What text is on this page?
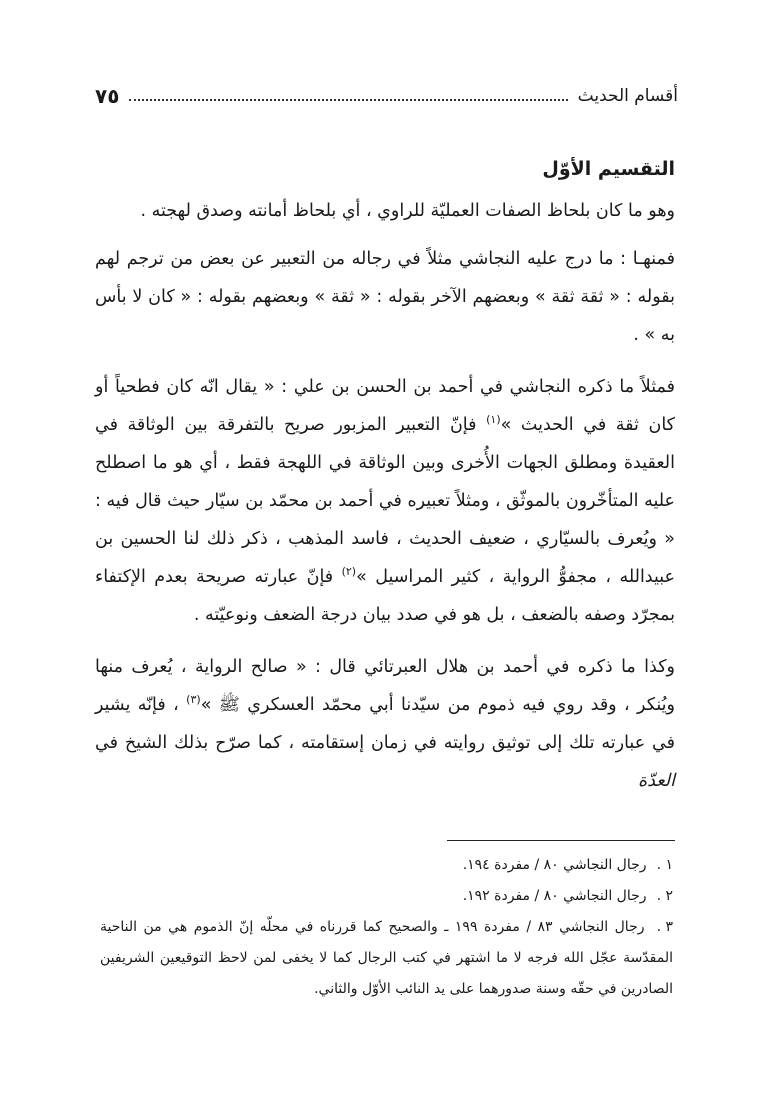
أقسام الحديث
٧٥
التقسيم الأوّل

وهو ما كان بلحاظ الصفات العمليّة للراوي ، أي بلحاظ أمانته وصدق لهجته .

فمنهـا : ما درج عليه النجاشي مثلاً في رجاله من التعبير عن بعض من ترجم لهم بقوله : « ثقة ثقة » وبعضهم الآخر بقوله : « ثقة » وبعضهم بقوله : « كان لا بأس به » .

فمثلاً ما ذكره النجاشي في أحمد بن الحسن بن علي : « يقال انّه كان فطحياً أو كان ثقة في الحديث »$^{(١)}$ فإنّ التعبير المزبور صريح بالتفرقة بين الوثاقة في العقيدة ومطلق الجهات الأُخرى وبين الوثاقة في اللهجة فقط ، أي هو ما اصطلح عليه المتأخّرون بالموثّق ، ومثلاً تعبيره في أحمد بن محمّد بن سيّار حيث قال فيه : « ويُعرف بالسيّاري ، ضعيف الحديث ، فاسد المذهب ، ذكر ذلك لنا الحسين بن عبيدالله ، مجفوُّ الرواية ، كثير المراسيل »$^{(٢)}$ فإنّ عبارته صريحة بعدم الإكتفاء بمجرّد وصفه بالضعف ، بل هو في صدد بيان درجة الضعف ونوعيّته .

وكذا ما ذكره في أحمد بن هلال العبرتائي قال : « صالح الرواية ، يُعرف منها ويُنكر ، وقد روي فيه ذموم من سيّدنا أبي محمّد العسكري ﷺ »$^{(٣)}$ ، فإنّه يشير في عبارته تلك إلى توثيق روايته في زمان إستقامته ، كما صرّح بذلك الشيخ في العدّة

١ . رجال النجاشي ٨٠ / مفردة ١٩٤.

٢ . رجال النجاشي ٨٠ / مفردة ١٩٢.

٣ . رجال النجاشي ٨٣ / مفردة ١٩٩ ـ والصحيح كما قررناه في محلّه إنّ الذموم هي من الناحية المقدّسة عجّل الله فرجه لا ما اشتهر في كتب الرجال كما لا يخفى لمن لاحظ التوقيعين الشريفين الصادرين في حقّه وسنة صدورهما على يد النائب الأوّل والثاني.
